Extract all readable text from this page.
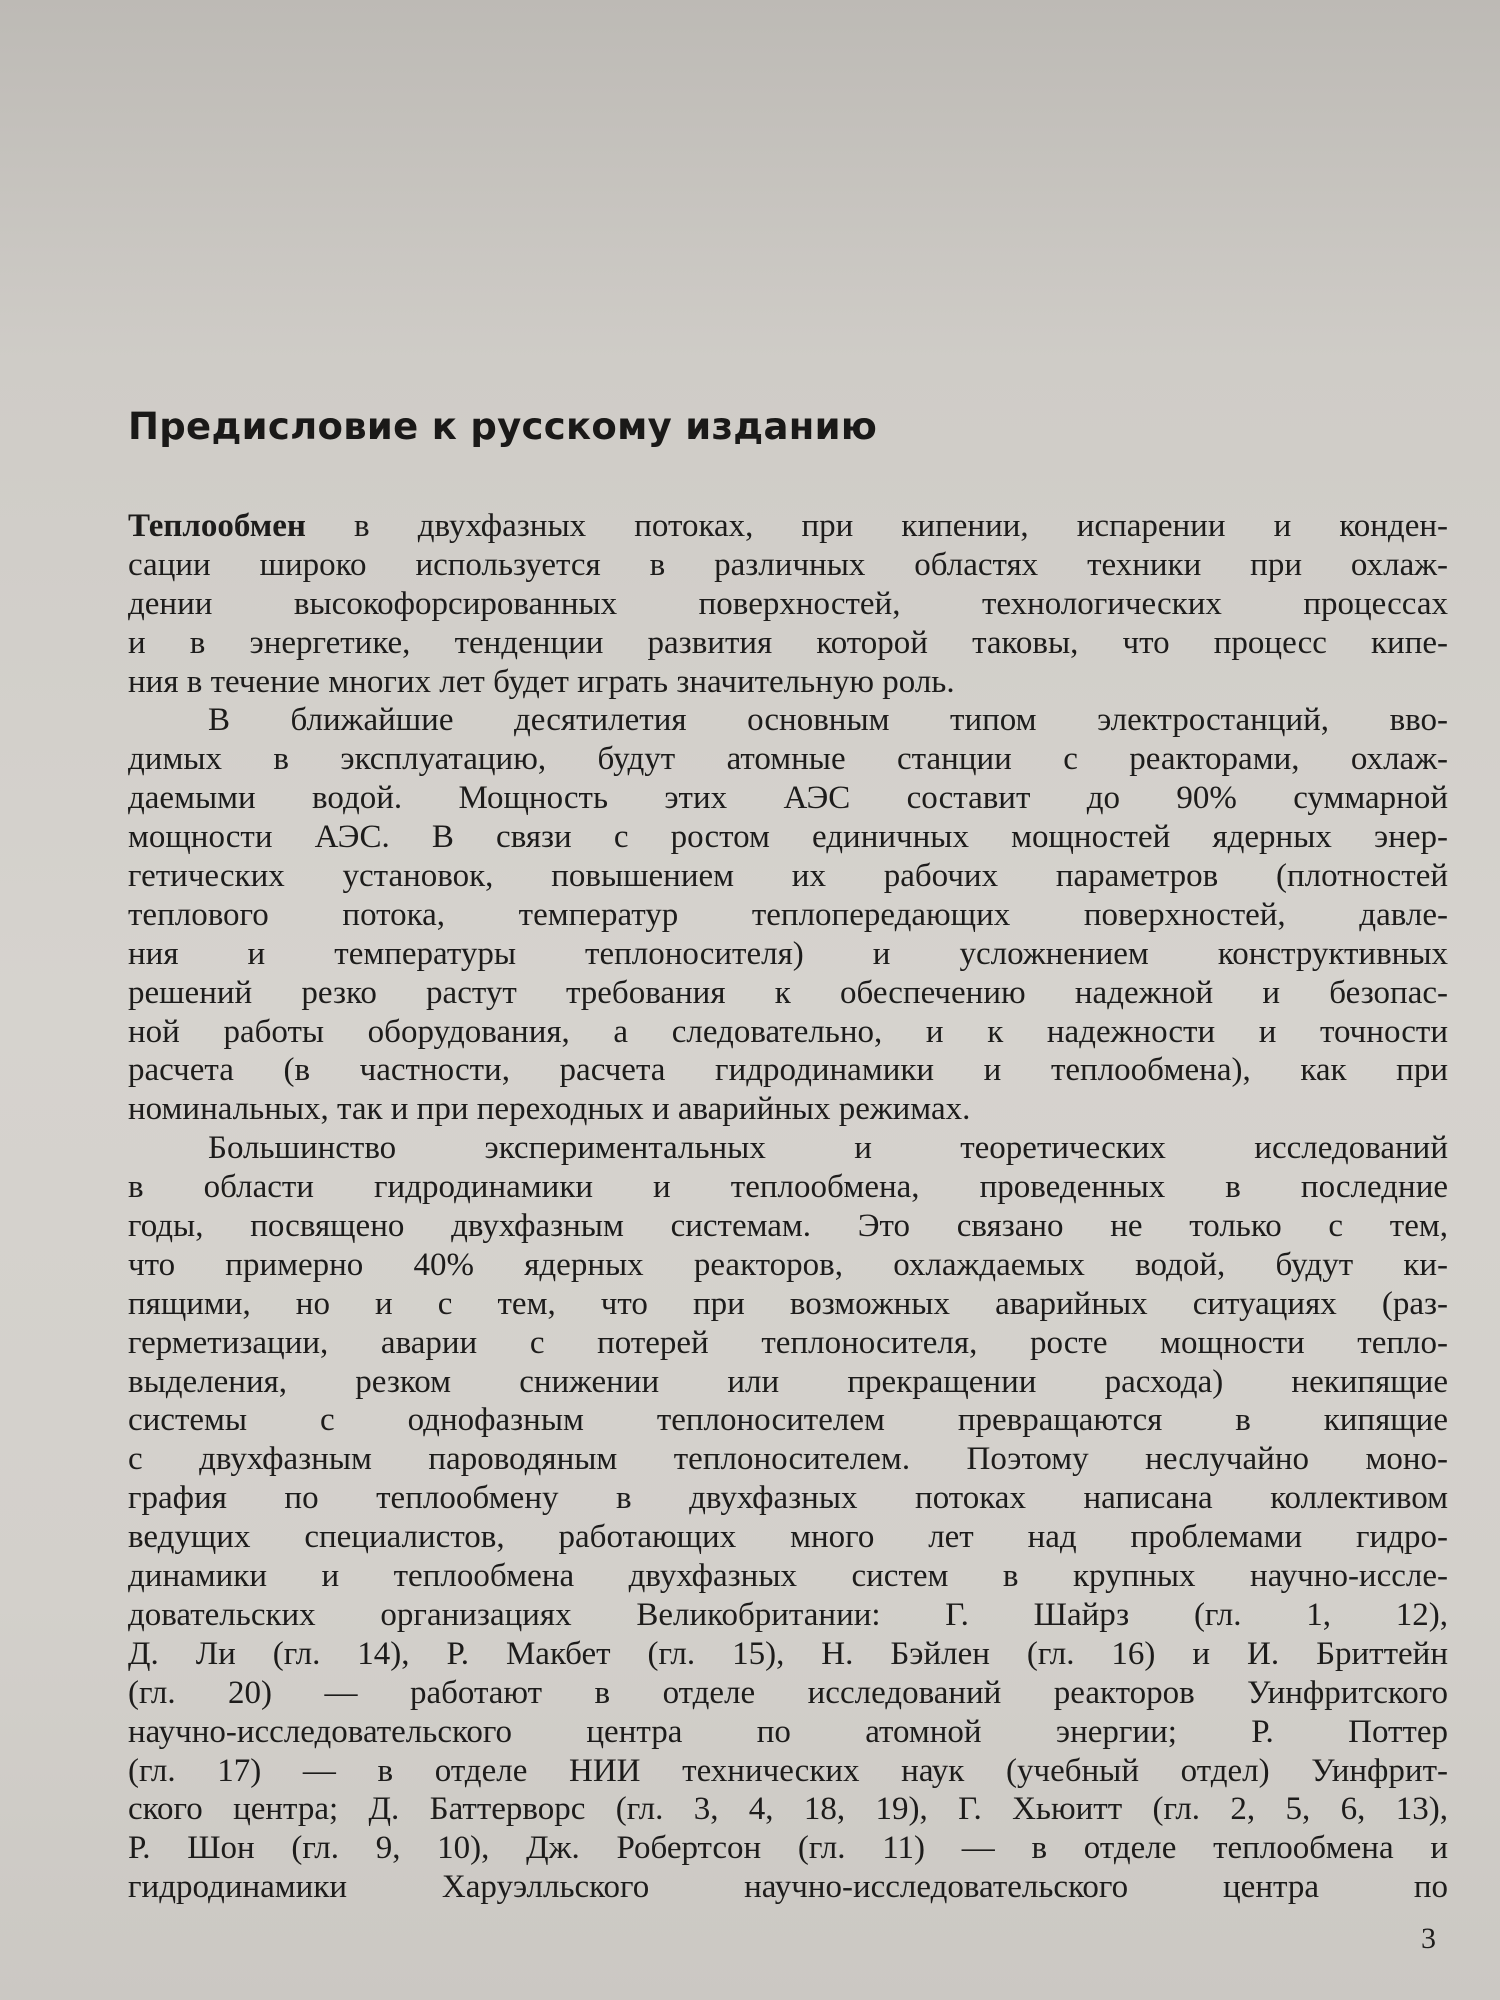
Предисловие к русскому изданию
Теплообмен в двухфазных потоках, при кипении, испарении и конден-
сации широко используется в различных областях техники при охлаж-
дении высокофорсированных поверхностей, технологических процессах
и в энергетике, тенденции развития которой таковы, что процесс кипе-
ния в течение многих лет будет играть значительную роль.
В ближайшие десятилетия основным типом электростанций, вво-
димых в эксплуатацию, будут атомные станции с реакторами, охлаж-
даемыми водой. Мощность этих АЭС составит до 90% суммарной
мощности АЭС. В связи с ростом единичных мощностей ядерных энер-
гетических установок, повышением их рабочих параметров (плотностей
теплового потока, температур теплопередающих поверхностей, давле-
ния и температуры теплоносителя) и усложнением конструктивных
решений резко растут требования к обеспечению надежной и безопас-
ной работы оборудования, а следовательно, и к надежности и точности
расчета (в частности, расчета гидродинамики и теплообмена), как при
номинальных, так и при переходных и аварийных режимах.
Большинство экспериментальных и теоретических исследований
в области гидродинамики и теплообмена, проведенных в последние
годы, посвящено двухфазным системам. Это связано не только с тем,
что примерно 40% ядерных реакторов, охлаждаемых водой, будут ки-
пящими, но и с тем, что при возможных аварийных ситуациях (раз-
герметизации, аварии с потерей теплоносителя, росте мощности тепло-
выделения, резком снижении или прекращении расхода) некипящие
системы с однофазным теплоносителем превращаются в кипящие
с двухфазным пароводяным теплоносителем. Поэтому неслучайно моно-
графия по теплообмену в двухфазных потоках написана коллективом
ведущих специалистов, работающих много лет над проблемами гидро-
динамики и теплообмена двухфазных систем в крупных научно-иссле-
довательских организациях Великобритании: Г. Шайрз (гл. 1, 12),
Д. Ли (гл. 14), Р. Макбет (гл. 15), Н. Бэйлен (гл. 16) и И. Бриттейн
(гл. 20) — работают в отделе исследований реакторов Уинфритского
научно-исследовательского центра по атомной энергии; Р. Поттер
(гл. 17) — в отделе НИИ технических наук (учебный отдел) Уинфрит-
ского центра; Д. Баттерворс (гл. 3, 4, 18, 19), Г. Хьюитт (гл. 2, 5, 6, 13),
Р. Шон (гл. 9, 10), Дж. Робертсон (гл. 11) — в отделе теплообмена и
гидродинамики Харуэлльского научно-исследовательского центра по
3
